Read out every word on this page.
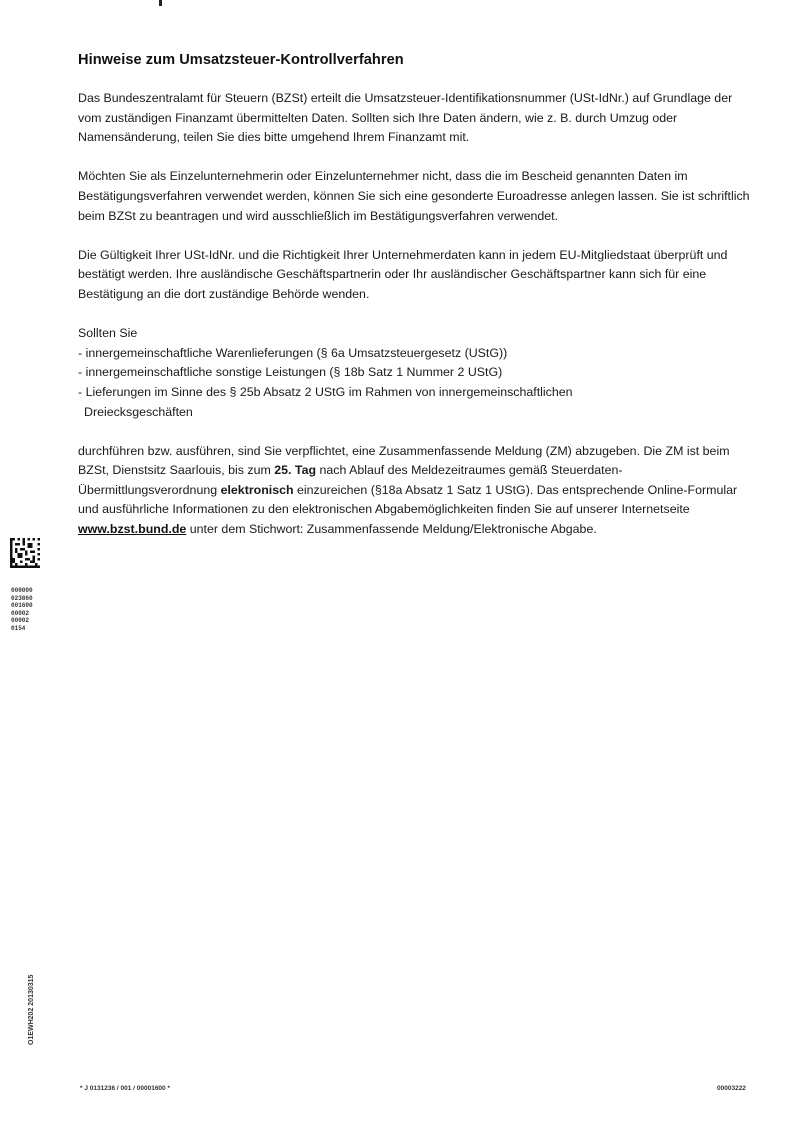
Hinweise zum Umsatzsteuer-Kontrollverfahren

Das Bundeszentralamt für Steuern (BZSt) erteilt die Umsatzsteuer-Identifikationsnummer (USt-IdNr.) auf Grundlage der vom zuständigen Finanzamt übermittelten Daten. Sollten sich Ihre Daten ändern, wie z. B. durch Umzug oder Namensänderung, teilen Sie dies bitte umgehend Ihrem Finanzamt mit.

Möchten Sie als Einzelunternehmerin oder Einzelunternehmer nicht, dass die im Bescheid genannten Daten im Bestätigungsverfahren verwendet werden, können Sie sich eine gesonderte Euroadresse anlegen lassen. Sie ist schriftlich beim BZSt zu beantragen und wird ausschließlich im Bestätigungsverfahren verwendet.

Die Gültigkeit Ihrer USt-IdNr. und die Richtigkeit Ihrer Unternehmerdaten kann in jedem EU-Mitgliedstaat überprüft und bestätigt werden. Ihre ausländische Geschäftspartnerin oder Ihr ausländischer Geschäftspartner kann sich für eine Bestätigung an die dort zuständige Behörde wenden.

Sollten Sie
- innergemeinschaftliche Warenlieferungen (§ 6a Umsatzsteuergesetz (UStG))
- innergemeinschaftliche sonstige Leistungen (§ 18b Satz 1 Nummer 2 UStG)
- Lieferungen im Sinne des § 25b Absatz 2 UStG im Rahmen von innergemeinschaftlichen
Dreiecksgeschäften

durchführen bzw. ausführen, sind Sie verpflichtet, eine Zusammenfassende Meldung (ZM) abzugeben. Die ZM ist beim BZSt, Dienstsitz Saarlouis, bis zum 25. Tag nach Ablauf des Meldezeitraumes gemäß Steuerdaten-Übermittlungsverordnung elektronisch einzureichen (§18a Absatz 1 Satz 1 UStG). Das entsprechende Online-Formular und ausführliche Informationen zu den elektronischen Abgabemöglichkeiten finden Sie auf unserer Internetseite www.bzst.bund.de unter dem Stichwort: Zusammenfassende Meldung/Elektronische Abgabe.

000000
023860
001600
00002
00002
0154
O1EWH202 20130315
* J 0131236 / 001 / 00001600 *	00003222
